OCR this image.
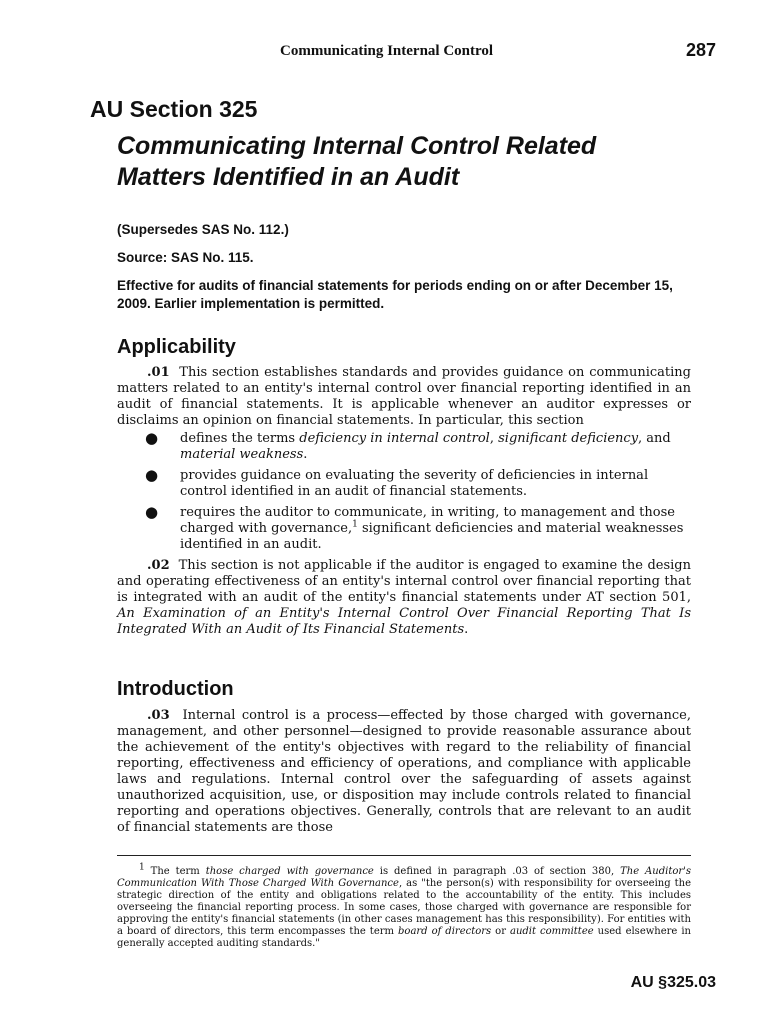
Communicating Internal Control	287
AU Section 325
Communicating Internal Control Related
Matters Identified in an Audit

(Supersedes SAS No. 112.)

Source: SAS No. 115.

Effective for audits of financial statements for periods ending on or after December 15, 2009. Earlier implementation is permitted.

Applicability

.01 This section establishes standards and provides guidance on communicating matters related to an entity's internal control over financial reporting identified in an audit of financial statements. It is applicable whenever an auditor expresses or disclaims an opinion on financial statements. In particular, this section

● defines the terms deficiency in internal control, significant deficiency, and material weakness.
● provides guidance on evaluating the severity of deficiencies in internal control identified in an audit of financial statements.
● requires the auditor to communicate, in writing, to management and those charged with governance,$^1$ significant deficiencies and material weaknesses identified in an audit.

.02 This section is not applicable if the auditor is engaged to examine the design and operating effectiveness of an entity's internal control over financial reporting that is integrated with an audit of the entity's financial statements under AT section 501, An Examination of an Entity's Internal Control Over Financial Reporting That Is Integrated With an Audit of Its Financial Statements.

Introduction

.03 Internal control is a process—effected by those charged with governance, management, and other personnel—designed to provide reasonable assurance about the achievement of the entity's objectives with regard to the reliability of financial reporting, effectiveness and efficiency of operations, and compliance with applicable laws and regulations. Internal control over the safeguarding of assets against unauthorized acquisition, use, or disposition may include controls related to financial reporting and operations objectives. Generally, controls that are relevant to an audit of financial statements are those

$^1$ The term those charged with governance is defined in paragraph .03 of section 380, The Auditor's Communication With Those Charged With Governance, as "the person(s) with responsibility for overseeing the strategic direction of the entity and obligations related to the accountability of the entity. This includes overseeing the financial reporting process. In some cases, those charged with governance are responsible for approving the entity's financial statements (in other cases management has this responsibility). For entities with a board of directors, this term encompasses the term board of directors or audit committee used elsewhere in generally accepted auditing standards."

AU §325.03
